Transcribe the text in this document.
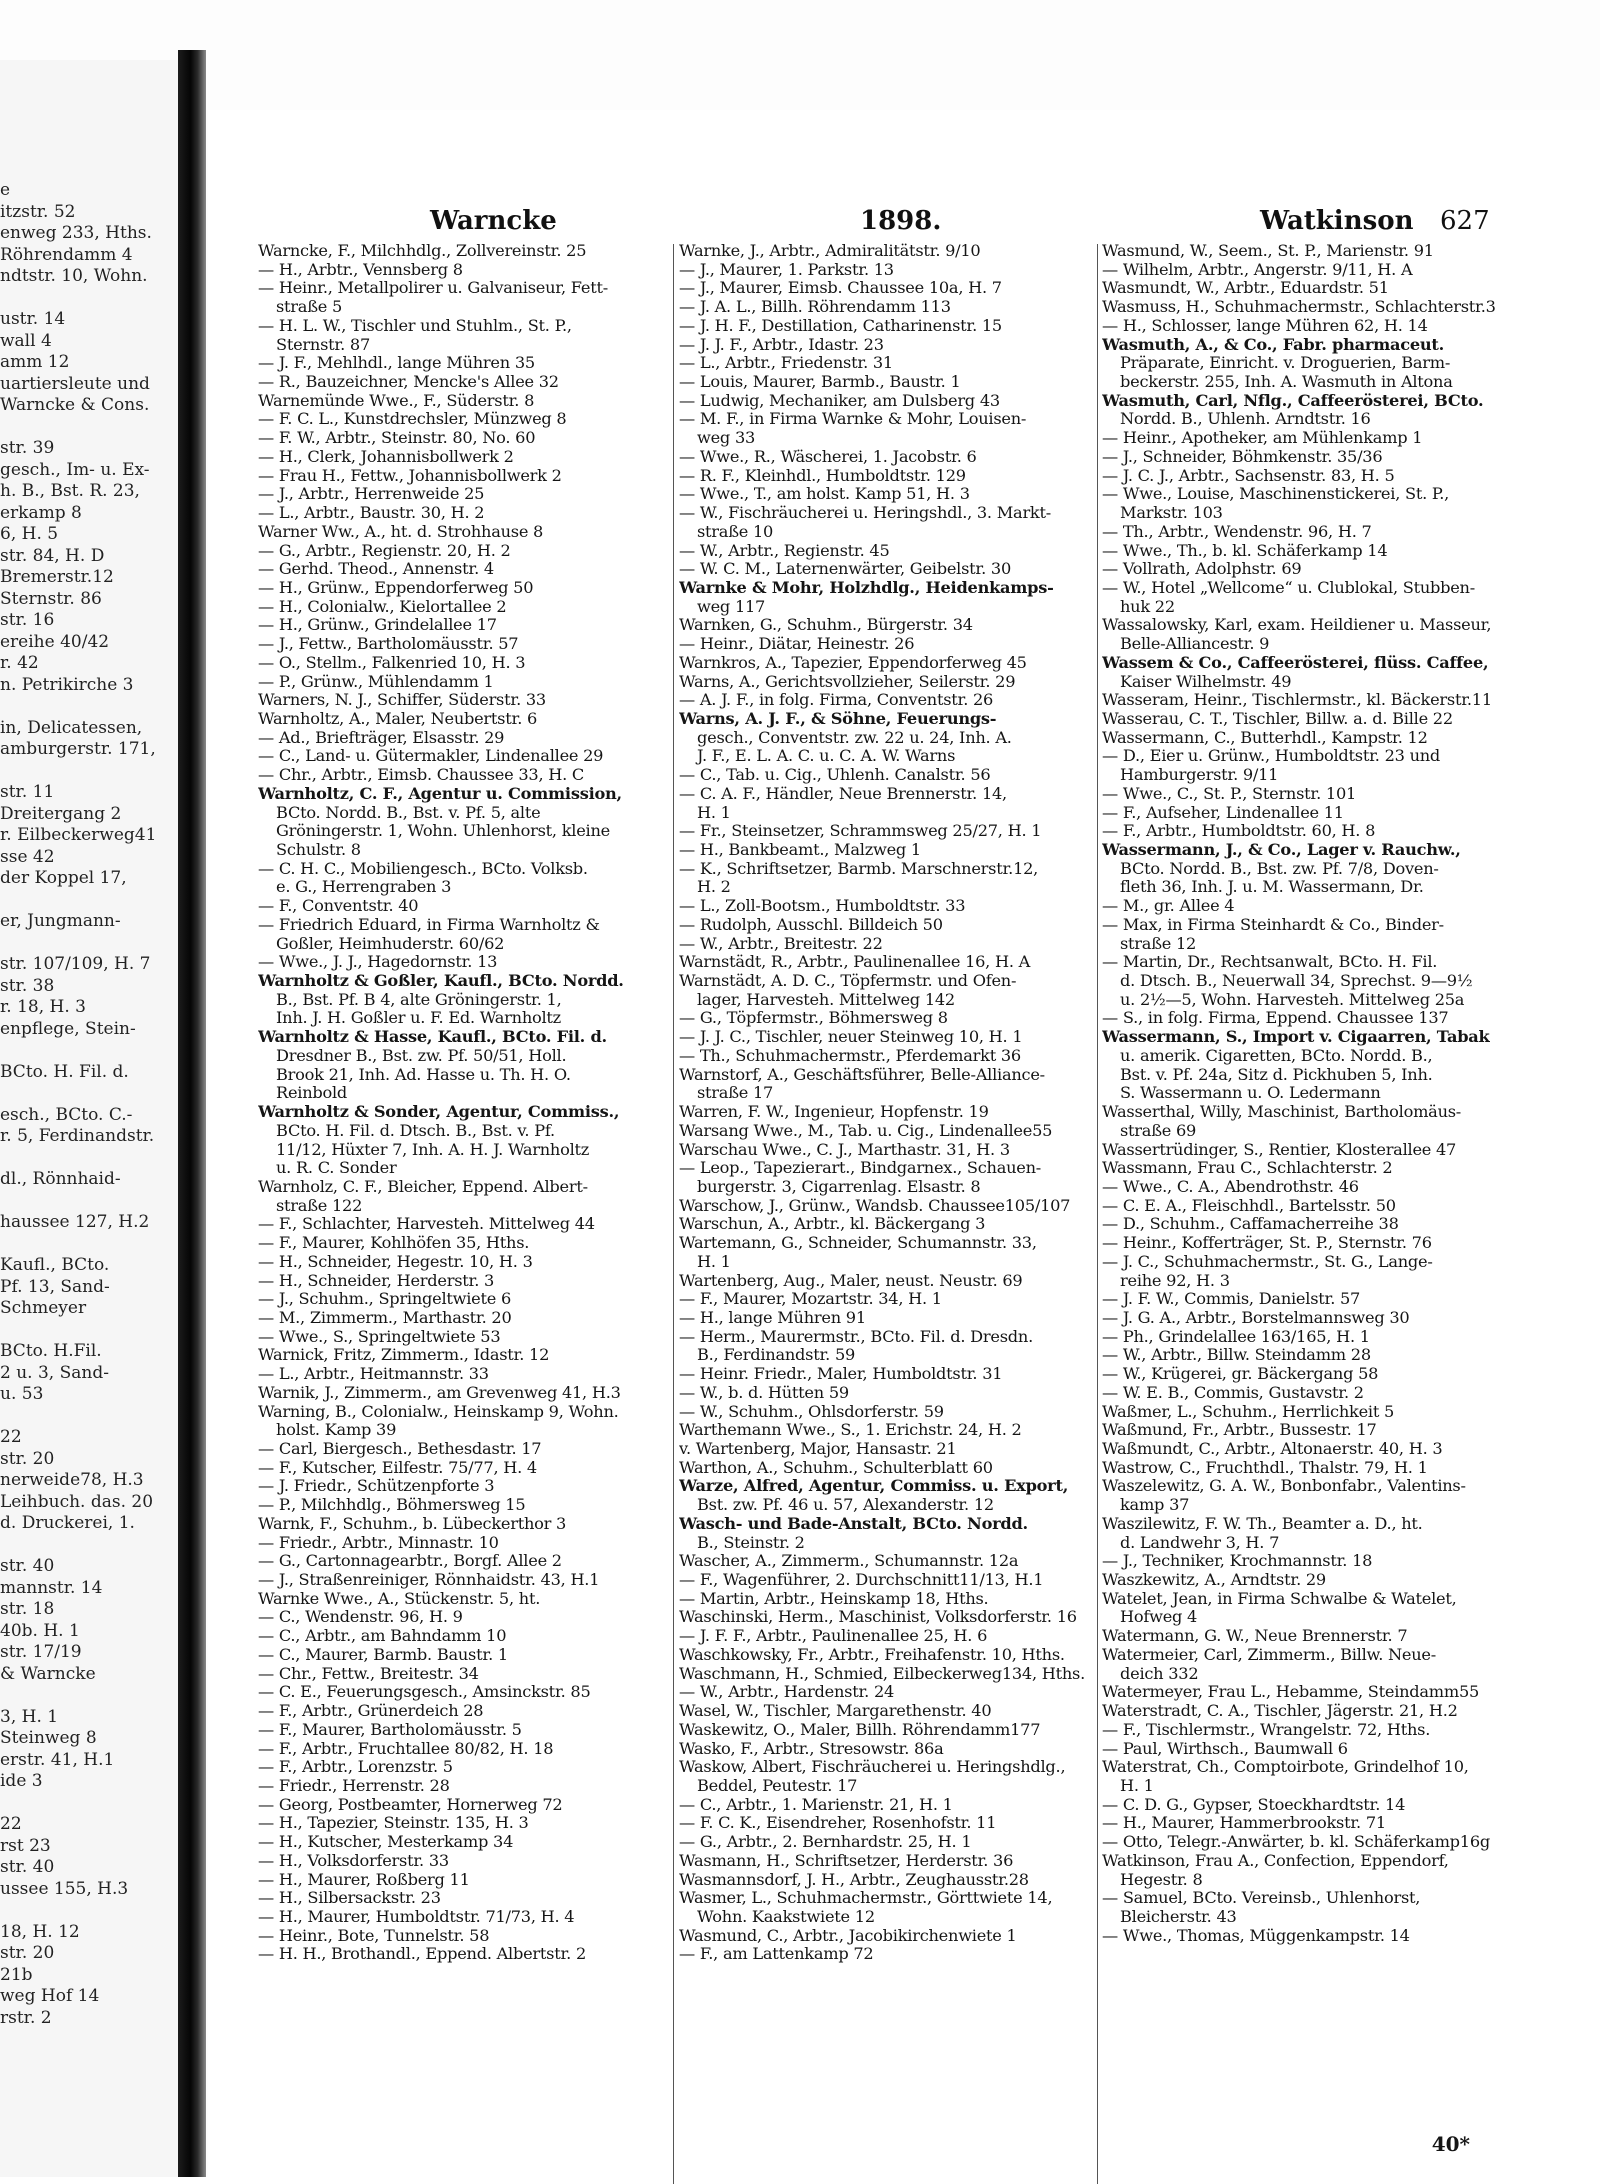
e
itzstr. 52
enweg 233, Hths.
Röhrendamm 4
ndtstr. 10, Wohn.
ustr. 14
wall 4
amm 12
uartiersleute und
Warncke & Cons.
str. 39
gesch., Im- u. Ex-
h. B., Bst. R. 23,
erkamp 8
6, H. 5
str. 84, H. D
Bremerstr.12
Sternstr. 86
str. 16
ereihe 40/42
r. 42
n. Petrikirche 3
in, Delicatessen,
amburgerstr. 171,
str. 11
Dreitergang 2
r. Eilbeckerweg41
sse 42
der Koppel 17,
er, Jungmann-
str. 107/109, H. 7
str. 38
r. 18, H. 3
enpflege, Stein-
BCto. H. Fil. d.
esch., BCto. C.-
r. 5, Ferdinandstr.
dl., Rönnhaid-
haussee 127, H.2
Kaufl., BCto.
Pf. 13, Sand-
Schmeyer
BCto. H.Fil.
2 u. 3, Sand-
u. 53
22
str. 20
nerweide78, H.3
Leihbuch. das. 20
d. Druckerei, 1.
str. 40
mannstr. 14
str. 18
40b. H. 1
str. 17/19
& Warncke
3, H. 1
Steinweg 8
erstr. 41, H.1
ide 3
22
rst 23
str. 40
ussee 155, H.3
18, H. 12
str. 20
21b
weg Hof 14
rstr. 2
Warncke	1898.	Watkinson 627
Warncke, F., Milchhdlg., Zollvereinstr. 25
— H., Arbtr., Vennsberg 8
— Heinr., Metallpolirer u. Galvaniseur, Fett-
straße 5
— H. L. W., Tischler und Stuhlm., St. P.,
Sternstr. 87
— J. F., Mehlhdl., lange Mühren 35
— R., Bauzeichner, Mencke's Allee 32
Warnemünde Wwe., F., Süderstr. 8
— F. C. L., Kunstdrechsler, Münzweg 8
— F. W., Arbtr., Steinstr. 80, No. 60
— H., Clerk, Johannisbollwerk 2
— Frau H., Fettw., Johannisbollwerk 2
— J., Arbtr., Herrenweide 25
— L., Arbtr., Baustr. 30, H. 2
Warner Ww., A., ht. d. Strohhause 8
— G., Arbtr., Regienstr. 20, H. 2
— Gerhd. Theod., Annenstr. 4
— H., Grünw., Eppendorferweg 50
— H., Colonialw., Kielortallee 2
— H., Grünw., Grindelallee 17
— J., Fettw., Bartholomäusstr. 57
— O., Stellm., Falkenried 10, H. 3
— P., Grünw., Mühlendamm 1
Warners, N. J., Schiffer, Süderstr. 33
Warnholtz, A., Maler, Neubertstr. 6
— Ad., Briefträger, Elsasstr. 29
— C., Land- u. Gütermakler, Lindenallee 29
— Chr., Arbtr., Eimsb. Chaussee 33, H. C
Warnholtz, C. F., Agentur u. Commission,
BCto. Nordd. B., Bst. v. Pf. 5, alte
Gröningerstr. 1, Wohn. Uhlenhorst, kleine
Schulstr. 8
— C. H. C., Mobiliengesch., BCto. Volksb.
e. G., Herrengraben 3
— F., Conventstr. 40
— Friedrich Eduard, in Firma Warnholtz &
Goßler, Heimhuderstr. 60/62
— Wwe., J. J., Hagedornstr. 13
Warnholtz & Goßler, Kaufl., BCto. Nordd.
B., Bst. Pf. B 4, alte Gröningerstr. 1,
Inh. J. H. Goßler u. F. Ed. Warnholtz
Warnholtz & Hasse, Kaufl., BCto. Fil. d.
Dresdner B., Bst. zw. Pf. 50/51, Holl.
Brook 21, Inh. Ad. Hasse u. Th. H. O.
Reinbold
Warnholtz & Sonder, Agentur, Commiss.,
BCto. H. Fil. d. Dtsch. B., Bst. v. Pf.
11/12, Hüxter 7, Inh. A. H. J. Warnholtz
u. R. C. Sonder
Warnholz, C. F., Bleicher, Eppend. Albert-
straße 122
— F., Schlachter, Harvesteh. Mittelweg 44
— F., Maurer, Kohlhöfen 35, Hths.
— H., Schneider, Hegestr. 10, H. 3
— H., Schneider, Herderstr. 3
— J., Schuhm., Springeltwiete 6
— M., Zimmerm., Marthastr. 20
— Wwe., S., Springeltwiete 53
Warnick, Fritz, Zimmerm., Idastr. 12
— L., Arbtr., Heitmannstr. 33
Warnik, J., Zimmerm., am Grevenweg 41, H.3
Warning, B., Colonialw., Heinskamp 9, Wohn.
holst. Kamp 39
— Carl, Biergesch., Bethesdastr. 17
— F., Kutscher, Eilfestr. 75/77, H. 4
— J. Friedr., Schützenpforte 3
— P., Milchhdlg., Böhmersweg 15
Warnk, F., Schuhm., b. Lübeckerthor 3
— Friedr., Arbtr., Minnastr. 10
— G., Cartonnagearbtr., Borgf. Allee 2
— J., Straßenreiniger, Rönnhaidstr. 43, H.1
Warnke Wwe., A., Stückenstr. 5, ht.
— C., Wendenstr. 96, H. 9
— C., Arbtr., am Bahndamm 10
— C., Maurer, Barmb. Baustr. 1
— Chr., Fettw., Breitestr. 34
— C. E., Feuerungsgesch., Amsinckstr. 85
— F., Arbtr., Grünerdeich 28
— F., Maurer, Bartholomäusstr. 5
— F., Arbtr., Fruchtallee 80/82, H. 18
— F., Arbtr., Lorenzstr. 5
— Friedr., Herrenstr. 28
— Georg, Postbeamter, Hornerweg 72
— H., Tapezier, Steinstr. 135, H. 3
— H., Kutscher, Mesterkamp 34
— H., Volksdorferstr. 33
— H., Maurer, Roßberg 11
— H., Silbersackstr. 23
— H., Maurer, Humboldtstr. 71/73, H. 4
— Heinr., Bote, Tunnelstr. 58
— H. H., Brothandl., Eppend. Albertstr. 2
Warnke, J., Arbtr., Admiralitätstr. 9/10
— J., Maurer, 1. Parkstr. 13
— J., Maurer, Eimsb. Chaussee 10a, H. 7
— J. A. L., Billh. Röhrendamm 113
— J. H. F., Destillation, Catharinenstr. 15
— J. J. F., Arbtr., Idastr. 23
— L., Arbtr., Friedenstr. 31
— Louis, Maurer, Barmb., Baustr. 1
— Ludwig, Mechaniker, am Dulsberg 43
— M. F., in Firma Warnke & Mohr, Louisen-
weg 33
— Wwe., R., Wäscherei, 1. Jacobstr. 6
— R. F., Kleinhdl., Humboldtstr. 129
— Wwe., T., am holst. Kamp 51, H. 3
— W., Fischräucherei u. Heringshdl., 3. Markt-
straße 10
— W., Arbtr., Regienstr. 45
— W. C. M., Laternenwärter, Geibelstr. 30
Warnke & Mohr, Holzhdlg., Heidenkamps-
weg 117
Warnken, G., Schuhm., Bürgerstr. 34
— Heinr., Diätar, Heinestr. 26
Warnkros, A., Tapezier, Eppendorferweg 45
Warns, A., Gerichtsvollzieher, Seilerstr. 29
— A. J. F., in folg. Firma, Conventstr. 26
Warns, A. J. F., & Söhne, Feuerungs-
gesch., Conventstr. zw. 22 u. 24, Inh. A.
J. F., E. L. A. C. u. C. A. W. Warns
— C., Tab. u. Cig., Uhlenh. Canalstr. 56
— C. A. F., Händler, Neue Brennerstr. 14,
H. 1
— Fr., Steinsetzer, Schrammsweg 25/27, H. 1
— H., Bankbeamt., Malzweg 1
— K., Schriftsetzer, Barmb. Marschnerstr.12,
H. 2
— L., Zoll-Bootsm., Humboldtstr. 33
— Rudolph, Ausschl. Billdeich 50
— W., Arbtr., Breitestr. 22
Warnstädt, R., Arbtr., Paulinenallee 16, H. A
Warnstädt, A. D. C., Töpfermstr. und Ofen-
lager, Harvesteh. Mittelweg 142
— G., Töpfermstr., Böhmersweg 8
— J. J. C., Tischler, neuer Steinweg 10, H. 1
— Th., Schuhmachermstr., Pferdemarkt 36
Warnstorf, A., Geschäftsführer, Belle-Alliance-
straße 17
Warren, F. W., Ingenieur, Hopfenstr. 19
Warsang Wwe., M., Tab. u. Cig., Lindenallee55
Warschau Wwe., C. J., Marthastr. 31, H. 3
— Leop., Tapezierart., Bindgarnex., Schauen-
burgerstr. 3, Cigarrenlag. Elsastr. 8
Warschow, J., Grünw., Wandsb. Chaussee105/107
Warschun, A., Arbtr., kl. Bäckergang 3
Wartemann, G., Schneider, Schumannstr. 33,
H. 1
Wartenberg, Aug., Maler, neust. Neustr. 69
— F., Maurer, Mozartstr. 34, H. 1
— H., lange Mühren 91
— Herm., Maurermstr., BCto. Fil. d. Dresdn.
B., Ferdinandstr. 59
— Heinr. Friedr., Maler, Humboldtstr. 31
— W., b. d. Hütten 59
— W., Schuhm., Ohlsdorferstr. 59
Warthemann Wwe., S., 1. Erichstr. 24, H. 2
v. Wartenberg, Major, Hansastr. 21
Warthon, A., Schuhm., Schulterblatt 60
Warze, Alfred, Agentur, Commiss. u. Export,
Bst. zw. Pf. 46 u. 57, Alexanderstr. 12
Wasch- und Bade-Anstalt, BCto. Nordd.
B., Steinstr. 2
Wascher, A., Zimmerm., Schumannstr. 12a
— F., Wagenführer, 2. Durchschnitt11/13, H.1
— Martin, Arbtr., Heinskamp 18, Hths.
Waschinski, Herm., Maschinist, Volksdorferstr. 16
— J. F. F., Arbtr., Paulinenallee 25, H. 6
Waschkowsky, Fr., Arbtr., Freihafenstr. 10, Hths.
Waschmann, H., Schmied, Eilbeckerweg134, Hths.
— W., Arbtr., Hardenstr. 24
Wasel, W., Tischler, Margarethenstr. 40
Waskewitz, O., Maler, Billh. Röhrendamm177
Wasko, F., Arbtr., Stresowstr. 86a
Waskow, Albert, Fischräucherei u. Heringshdlg.,
Beddel, Peutestr. 17
— C., Arbtr., 1. Marienstr. 21, H. 1
— F. C. K., Eisendreher, Rosenhofstr. 11
— G., Arbtr., 2. Bernhardstr. 25, H. 1
Wasmann, H., Schriftsetzer, Herderstr. 36
Wasmannsdorf, J. H., Arbtr., Zeughausstr.28
Wasmer, L., Schuhmachermstr., Görttwiete 14,
Wohn. Kaakstwiete 12
Wasmund, C., Arbtr., Jacobikirchenwiete 1
— F., am Lattenkamp 72
Wasmund, W., Seem., St. P., Marienstr. 91
— Wilhelm, Arbtr., Angerstr. 9/11, H. A
Wasmundt, W., Arbtr., Eduardstr. 51
Wasmuss, H., Schuhmachermstr., Schlachterstr.3
— H., Schlosser, lange Mühren 62, H. 14
Wasmuth, A., & Co., Fabr. pharmaceut.
Präparate, Einricht. v. Droguerien, Barm-
beckerstr. 255, Inh. A. Wasmuth in Altona
Wasmuth, Carl, Nflg., Caffeerösterei, BCto.
Nordd. B., Uhlenh. Arndtstr. 16
— Heinr., Apotheker, am Mühlenkamp 1
— J., Schneider, Böhmkenstr. 35/36
— J. C. J., Arbtr., Sachsenstr. 83, H. 5
— Wwe., Louise, Maschinenstickerei, St. P.,
Markstr. 103
— Th., Arbtr., Wendenstr. 96, H. 7
— Wwe., Th., b. kl. Schäferkamp 14
— Vollrath, Adolphstr. 69
— W., Hotel „Wellcome“ u. Clublokal, Stubben-
huk 22
Wassalowsky, Karl, exam. Heildiener u. Masseur,
Belle-Alliancestr. 9
Wassem & Co., Caffeerösterei, flüss. Caffee,
Kaiser Wilhelmstr. 49
Wasseram, Heinr., Tischlermstr., kl. Bäckerstr.11
Wasserau, C. T., Tischler, Billw. a. d. Bille 22
Wassermann, C., Butterhdl., Kampstr. 12
— D., Eier u. Grünw., Humboldtstr. 23 und
Hamburgerstr. 9/11
— Wwe., C., St. P., Sternstr. 101
— F., Aufseher, Lindenallee 11
— F., Arbtr., Humboldtstr. 60, H. 8
Wassermann, J., & Co., Lager v. Rauchw.,
BCto. Nordd. B., Bst. zw. Pf. 7/8, Doven-
fleth 36, Inh. J. u. M. Wassermann, Dr.
— M., gr. Allee 4
— Max, in Firma Steinhardt & Co., Binder-
straße 12
— Martin, Dr., Rechtsanwalt, BCto. H. Fil.
d. Dtsch. B., Neuerwall 34, Sprechst. 9—9½
u. 2½—5, Wohn. Harvesteh. Mittelweg 25a
— S., in folg. Firma, Eppend. Chaussee 137
Wassermann, S., Import v. Cigaarren, Tabak
u. amerik. Cigaretten, BCto. Nordd. B.,
Bst. v. Pf. 24a, Sitz d. Pickhuben 5, Inh.
S. Wassermann u. O. Ledermann
Wasserthal, Willy, Maschinist, Bartholomäus-
straße 69
Wassertrüdinger, S., Rentier, Klosterallee 47
Wassmann, Frau C., Schlachterstr. 2
— Wwe., C. A., Abendrothstr. 46
— C. E. A., Fleischhdl., Bartelsstr. 50
— D., Schuhm., Caffamacherreihe 38
— Heinr., Kofferträger, St. P., Sternstr. 76
— J. C., Schuhmachermstr., St. G., Lange-
reihe 92, H. 3
— J. F. W., Commis, Danielstr. 57
— J. G. A., Arbtr., Borstelmannsweg 30
— Ph., Grindelallee 163/165, H. 1
— W., Arbtr., Billw. Steindamm 28
— W., Krügerei, gr. Bäckergang 58
— W. E. B., Commis, Gustavstr. 2
Waßmer, L., Schuhm., Herrlichkeit 5
Waßmund, Fr., Arbtr., Bussestr. 17
Waßmundt, C., Arbtr., Altonaerstr. 40, H. 3
Wastrow, C., Fruchthdl., Thalstr. 79, H. 1
Waszelewitz, G. A. W., Bonbonfabr., Valentins-
kamp 37
Waszilewitz, F. W. Th., Beamter a. D., ht.
d. Landwehr 3, H. 7
— J., Techniker, Krochmannstr. 18
Waszkewitz, A., Arndtstr. 29
Watelet, Jean, in Firma Schwalbe & Watelet,
Hofweg 4
Watermann, G. W., Neue Brennerstr. 7
Watermeier, Carl, Zimmerm., Billw. Neue-
deich 332
Watermeyer, Frau L., Hebamme, Steindamm55
Waterstradt, C. A., Tischler, Jägerstr. 21, H.2
— F., Tischlermstr., Wrangelstr. 72, Hths.
— Paul, Wirthsch., Baumwall 6
Waterstrat, Ch., Comptoirbote, Grindelhof 10,
H. 1
— C. D. G., Gypser, Stoeckhardtstr. 14
— H., Maurer, Hammerbrookstr. 71
— Otto, Telegr.-Anwärter, b. kl. Schäferkamp16g
Watkinson, Frau A., Confection, Eppendorf,
Hegestr. 8
— Samuel, BCto. Vereinsb., Uhlenhorst,
Bleicherstr. 43
— Wwe., Thomas, Müggenkampstr. 14
40*
